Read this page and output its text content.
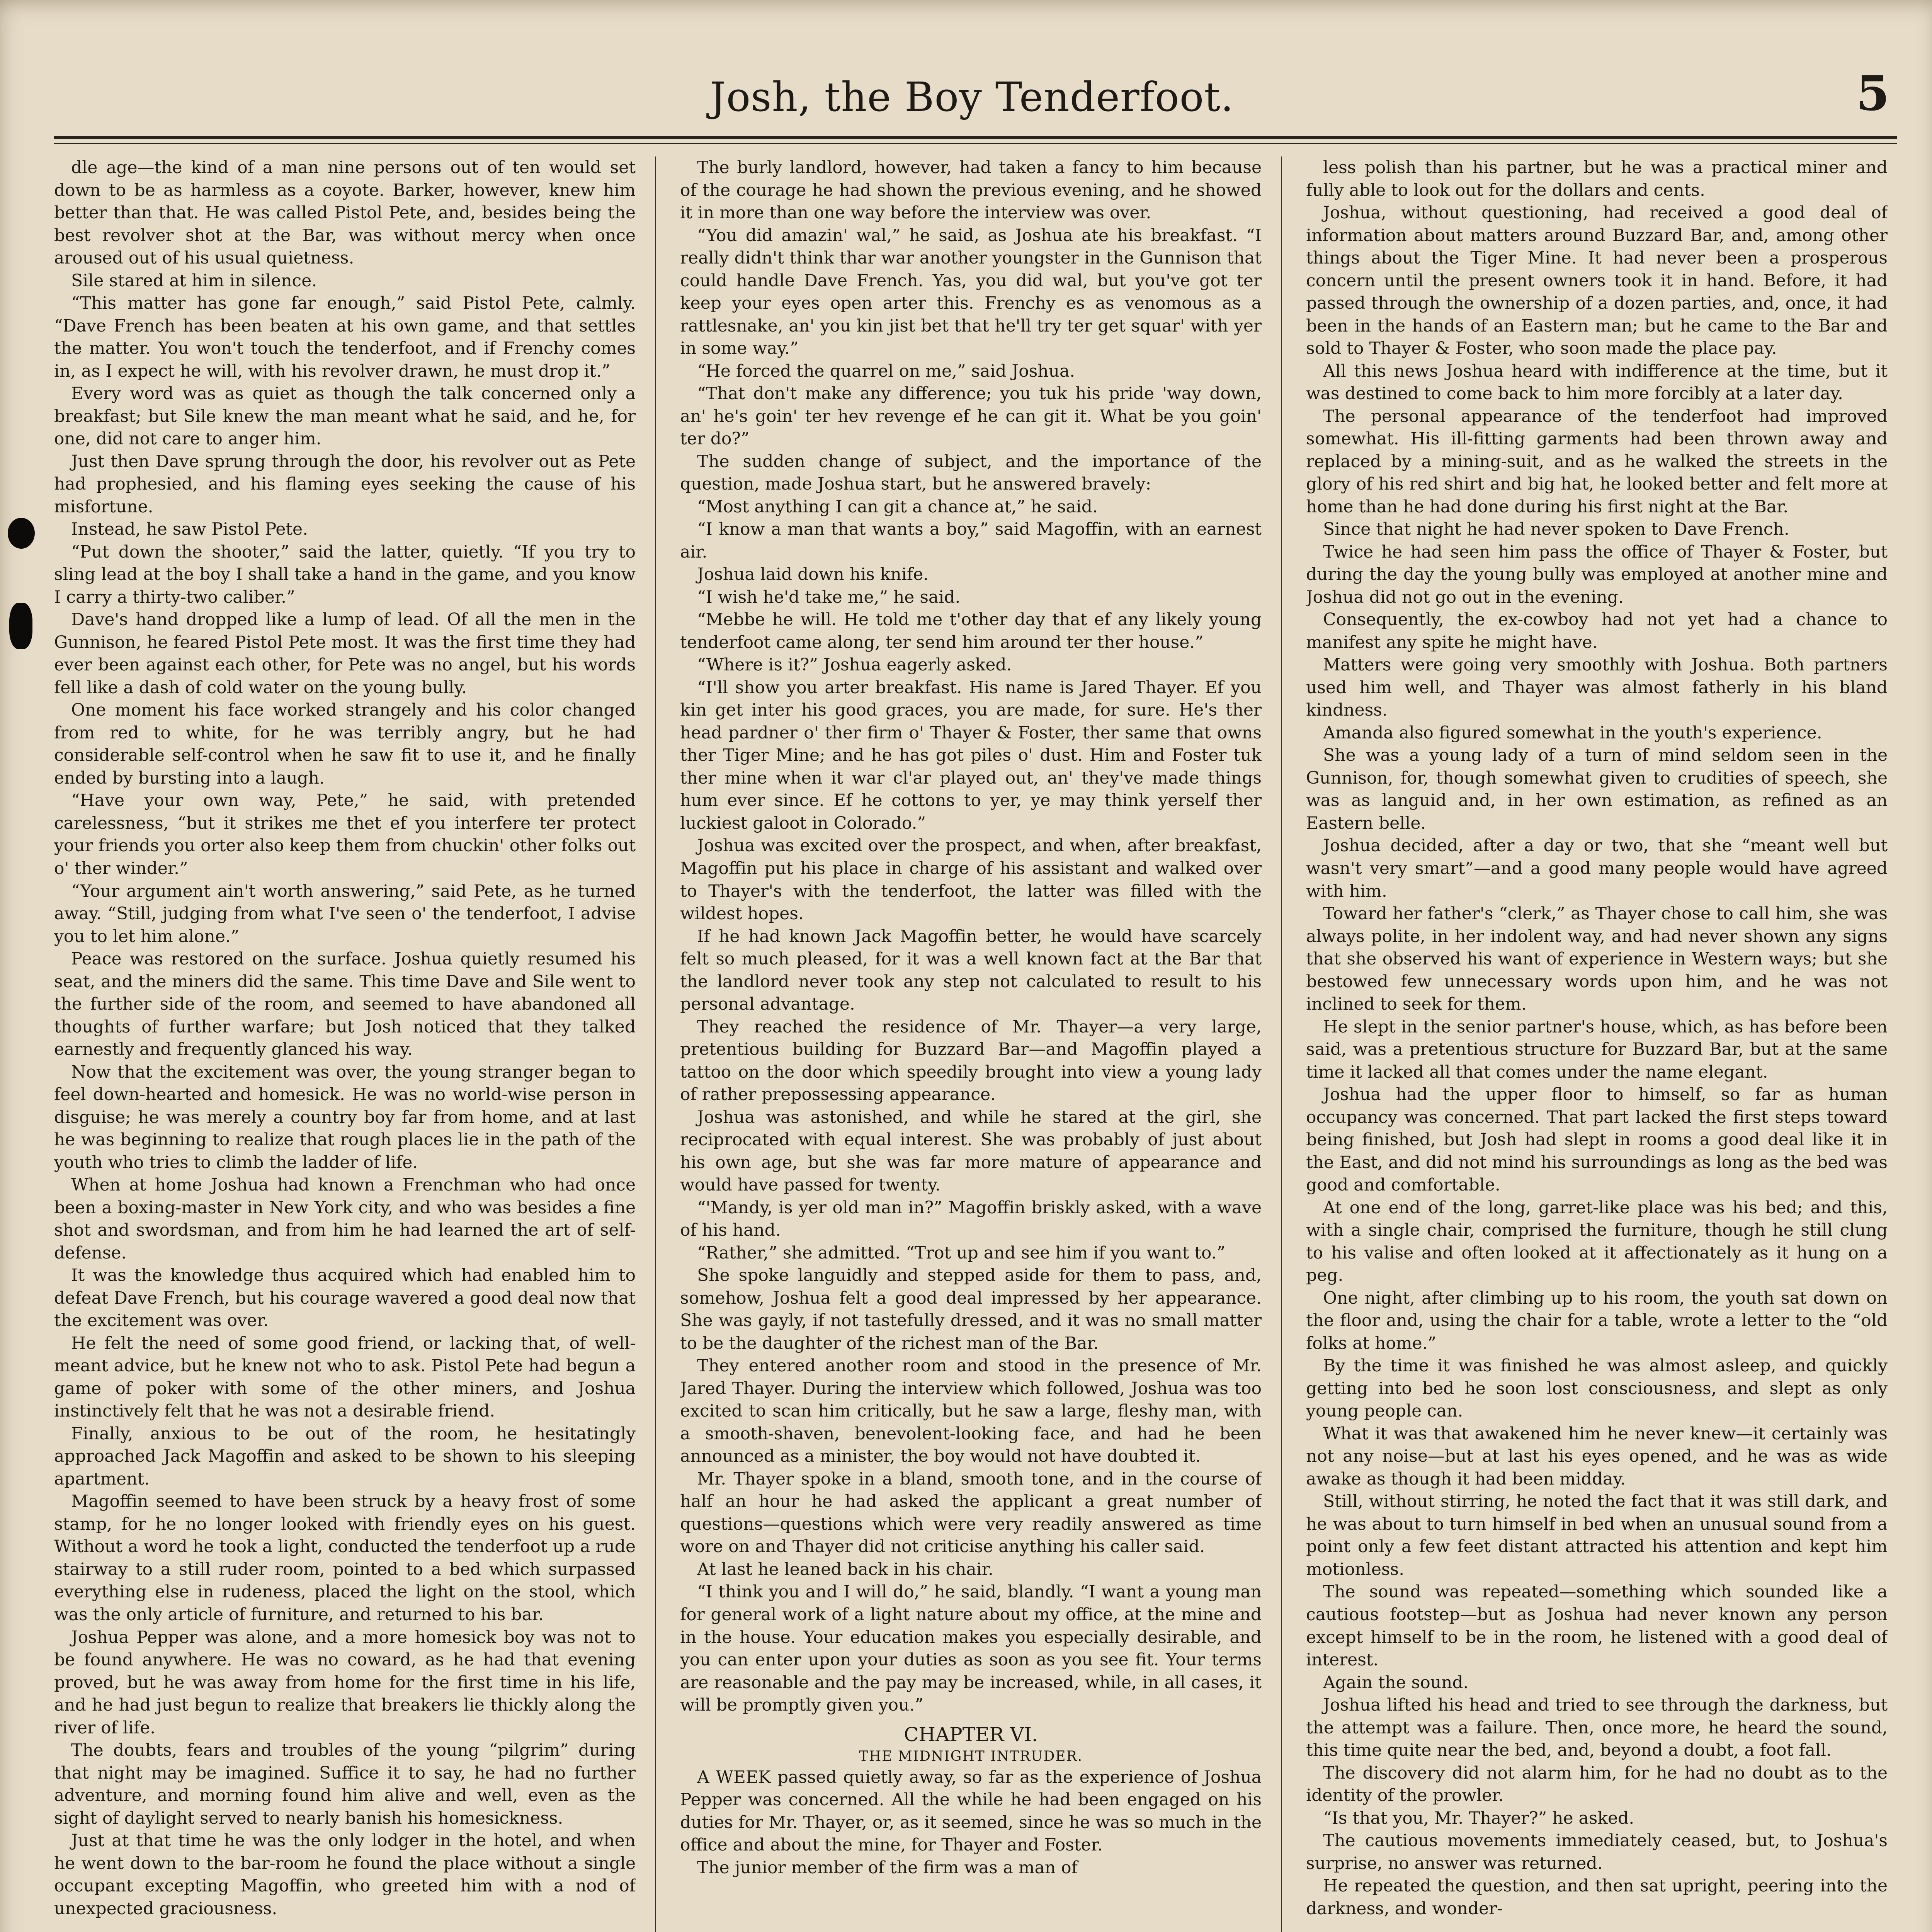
Josh, the Boy Tenderfoot.	5

dle age—the kind of a man nine persons out of ten would set down to be as harmless as a coyote. Barker, however, knew him better than that. He was called Pistol Pete, and, besides being the best revolver shot at the Bar, was without mercy when once aroused out of his usual quietness.

Sile stared at him in silence.

“This matter has gone far enough,” said Pistol Pete, calmly. “Dave French has been beaten at his own game, and that settles the matter. You won't touch the tenderfoot, and if Frenchy comes in, as I expect he will, with his revolver drawn, he must drop it.”

Every word was as quiet as though the talk concerned only a breakfast; but Sile knew the man meant what he said, and he, for one, did not care to anger him.

Just then Dave sprung through the door, his revolver out as Pete had prophesied, and his flaming eyes seeking the cause of his misfortune.

Instead, he saw Pistol Pete.

“Put down the shooter,” said the latter, quietly. “If you try to sling lead at the boy I shall take a hand in the game, and you know I carry a thirty-two caliber.”

Dave's hand dropped like a lump of lead. Of all the men in the Gunnison, he feared Pistol Pete most. It was the first time they had ever been against each other, for Pete was no angel, but his words fell like a dash of cold water on the young bully.

One moment his face worked strangely and his color changed from red to white, for he was terribly angry, but he had considerable self-control when he saw fit to use it, and he finally ended by bursting into a laugh.

“Have your own way, Pete,” he said, with pretended carelessness, “but it strikes me thet ef you interfere ter protect your friends you orter also keep them from chuckin' other folks out o' ther winder.”

“Your argument ain't worth answering,” said Pete, as he turned away. “Still, judging from what I've seen o' the tenderfoot, I advise you to let him alone.”

Peace was restored on the surface. Joshua quietly resumed his seat, and the miners did the same. This time Dave and Sile went to the further side of the room, and seemed to have abandoned all thoughts of further warfare; but Josh noticed that they talked earnestly and frequently glanced his way.

Now that the excitement was over, the young stranger began to feel down-hearted and homesick. He was no world-wise person in disguise; he was merely a country boy far from home, and at last he was beginning to realize that rough places lie in the path of the youth who tries to climb the ladder of life.

When at home Joshua had known a Frenchman who had once been a boxing-master in New York city, and who was besides a fine shot and swordsman, and from him he had learned the art of self-defense.

It was the knowledge thus acquired which had enabled him to defeat Dave French, but his courage wavered a good deal now that the excitement was over.

He felt the need of some good friend, or lacking that, of well-meant advice, but he knew not who to ask. Pistol Pete had begun a game of poker with some of the other miners, and Joshua instinctively felt that he was not a desirable friend.

Finally, anxious to be out of the room, he hesitatingly approached Jack Magoffin and asked to be shown to his sleeping apartment.

Magoffin seemed to have been struck by a heavy frost of some stamp, for he no longer looked with friendly eyes on his guest. Without a word he took a light, conducted the tenderfoot up a rude stairway to a still ruder room, pointed to a bed which surpassed everything else in rudeness, placed the light on the stool, which was the only article of furniture, and returned to his bar.

Joshua Pepper was alone, and a more homesick boy was not to be found anywhere. He was no coward, as he had that evening proved, but he was away from home for the first time in his life, and he had just begun to realize that breakers lie thickly along the river of life.

The doubts, fears and troubles of the young “pilgrim” during that night may be imagined. Suffice it to say, he had no further adventure, and morning found him alive and well, even as the sight of daylight served to nearly banish his homesickness.

Just at that time he was the only lodger in the hotel, and when he went down to the bar-room he found the place without a single occupant excepting Magoffin, who greeted him with a nod of unexpected graciousness.

The burly landlord, however, had taken a fancy to him because of the courage he had shown the previous evening, and he showed it in more than one way before the interview was over.

“You did amazin' wal,” he said, as Joshua ate his breakfast. “I really didn't think thar war another youngster in the Gunnison that could handle Dave French. Yas, you did wal, but you've got ter keep your eyes open arter this. Frenchy es as venomous as a rattlesnake, an' you kin jist bet that he'll try ter get squar' with yer in some way.”

“He forced the quarrel on me,” said Joshua.

“That don't make any difference; you tuk his pride 'way down, an' he's goin' ter hev revenge ef he can git it. What be you goin' ter do?”

The sudden change of subject, and the importance of the question, made Joshua start, but he answered bravely:

“Most anything I can git a chance at,” he said.

“I know a man that wants a boy,” said Magoffin, with an earnest air.

Joshua laid down his knife.

“I wish he'd take me,” he said.

“Mebbe he will. He told me t'other day that ef any likely young tenderfoot came along, ter send him around ter ther house.”

“Where is it?” Joshua eagerly asked.

“I'll show you arter breakfast. His name is Jared Thayer. Ef you kin get inter his good graces, you are made, for sure. He's ther head pardner o' ther firm o' Thayer & Foster, ther same that owns ther Tiger Mine; and he has got piles o' dust. Him and Foster tuk ther mine when it war cl'ar played out, an' they've made things hum ever since. Ef he cottons to yer, ye may think yerself ther luckiest galoot in Colorado.”

Joshua was excited over the prospect, and when, after breakfast, Magoffin put his place in charge of his assistant and walked over to Thayer's with the tenderfoot, the latter was filled with the wildest hopes.

If he had known Jack Magoffin better, he would have scarcely felt so much pleased, for it was a well known fact at the Bar that the landlord never took any step not calculated to result to his personal advantage.

They reached the residence of Mr. Thayer—a very large, pretentious building for Buzzard Bar—and Magoffin played a tattoo on the door which speedily brought into view a young lady of rather prepossessing appearance.

Joshua was astonished, and while he stared at the girl, she reciprocated with equal interest. She was probably of just about his own age, but she was far more mature of appearance and would have passed for twenty.

“'Mandy, is yer old man in?” Magoffin briskly asked, with a wave of his hand.

“Rather,” she admitted. “Trot up and see him if you want to.”

She spoke languidly and stepped aside for them to pass, and, somehow, Joshua felt a good deal impressed by her appearance. She was gayly, if not tastefully dressed, and it was no small matter to be the daughter of the richest man of the Bar.

They entered another room and stood in the presence of Mr. Jared Thayer. During the interview which followed, Joshua was too excited to scan him critically, but he saw a large, fleshy man, with a smooth-shaven, benevolent-looking face, and had he been announced as a minister, the boy would not have doubted it.

Mr. Thayer spoke in a bland, smooth tone, and in the course of half an hour he had asked the applicant a great number of questions—questions which were very readily answered as time wore on and Thayer did not criticise anything his caller said.

At last he leaned back in his chair.

“I think you and I will do,” he said, blandly. “I want a young man for general work of a light nature about my office, at the mine and in the house. Your education makes you especially desirable, and you can enter upon your duties as soon as you see fit. Your terms are reasonable and the pay may be increased, while, in all cases, it will be promptly given you.”

CHAPTER VI.
THE MIDNIGHT INTRUDER.

A WEEK passed quietly away, so far as the experience of Joshua Pepper was concerned. All the while he had been engaged on his duties for Mr. Thayer, or, as it seemed, since he was so much in the office and about the mine, for Thayer and Foster.

The junior member of the firm was a man of

less polish than his partner, but he was a practical miner and fully able to look out for the dollars and cents.

Joshua, without questioning, had received a good deal of information about matters around Buzzard Bar, and, among other things about the Tiger Mine. It had never been a prosperous concern until the present owners took it in hand. Before, it had passed through the ownership of a dozen parties, and, once, it had been in the hands of an Eastern man; but he came to the Bar and sold to Thayer & Foster, who soon made the place pay.

All this news Joshua heard with indifference at the time, but it was destined to come back to him more forcibly at a later day.

The personal appearance of the tenderfoot had improved somewhat. His ill-fitting garments had been thrown away and replaced by a mining-suit, and as he walked the streets in the glory of his red shirt and big hat, he looked better and felt more at home than he had done during his first night at the Bar.

Since that night he had never spoken to Dave French.

Twice he had seen him pass the office of Thayer & Foster, but during the day the young bully was employed at another mine and Joshua did not go out in the evening.

Consequently, the ex-cowboy had not yet had a chance to manifest any spite he might have.

Matters were going very smoothly with Joshua. Both partners used him well, and Thayer was almost fatherly in his bland kindness.

Amanda also figured somewhat in the youth's experience.

She was a young lady of a turn of mind seldom seen in the Gunnison, for, though somewhat given to crudities of speech, she was as languid and, in her own estimation, as refined as an Eastern belle.

Joshua decided, after a day or two, that she “meant well but wasn't very smart”—and a good many people would have agreed with him.

Toward her father's “clerk,” as Thayer chose to call him, she was always polite, in her indolent way, and had never shown any signs that she observed his want of experience in Western ways; but she bestowed few unnecessary words upon him, and he was not inclined to seek for them.

He slept in the senior partner's house, which, as has before been said, was a pretentious structure for Buzzard Bar, but at the same time it lacked all that comes under the name elegant.

Joshua had the upper floor to himself, so far as human occupancy was concerned. That part lacked the first steps toward being finished, but Josh had slept in rooms a good deal like it in the East, and did not mind his surroundings as long as the bed was good and comfortable.

At one end of the long, garret-like place was his bed; and this, with a single chair, comprised the furniture, though he still clung to his valise and often looked at it affectionately as it hung on a peg.

One night, after climbing up to his room, the youth sat down on the floor and, using the chair for a table, wrote a letter to the “old folks at home.”

By the time it was finished he was almost asleep, and quickly getting into bed he soon lost consciousness, and slept as only young people can.

What it was that awakened him he never knew—it certainly was not any noise—but at last his eyes opened, and he was as wide awake as though it had been midday.

Still, without stirring, he noted the fact that it was still dark, and he was about to turn himself in bed when an unusual sound from a point only a few feet distant attracted his attention and kept him motionless.

The sound was repeated—something which sounded like a cautious footstep—but as Joshua had never known any person except himself to be in the room, he listened with a good deal of interest.

Again the sound.

Joshua lifted his head and tried to see through the darkness, but the attempt was a failure. Then, once more, he heard the sound, this time quite near the bed, and, beyond a doubt, a foot fall.

The discovery did not alarm him, for he had no doubt as to the identity of the prowler.

“Is that you, Mr. Thayer?” he asked.

The cautious movements immediately ceased, but, to Joshua's surprise, no answer was returned.

He repeated the question, and then sat upright, peering into the darkness, and wonder-
